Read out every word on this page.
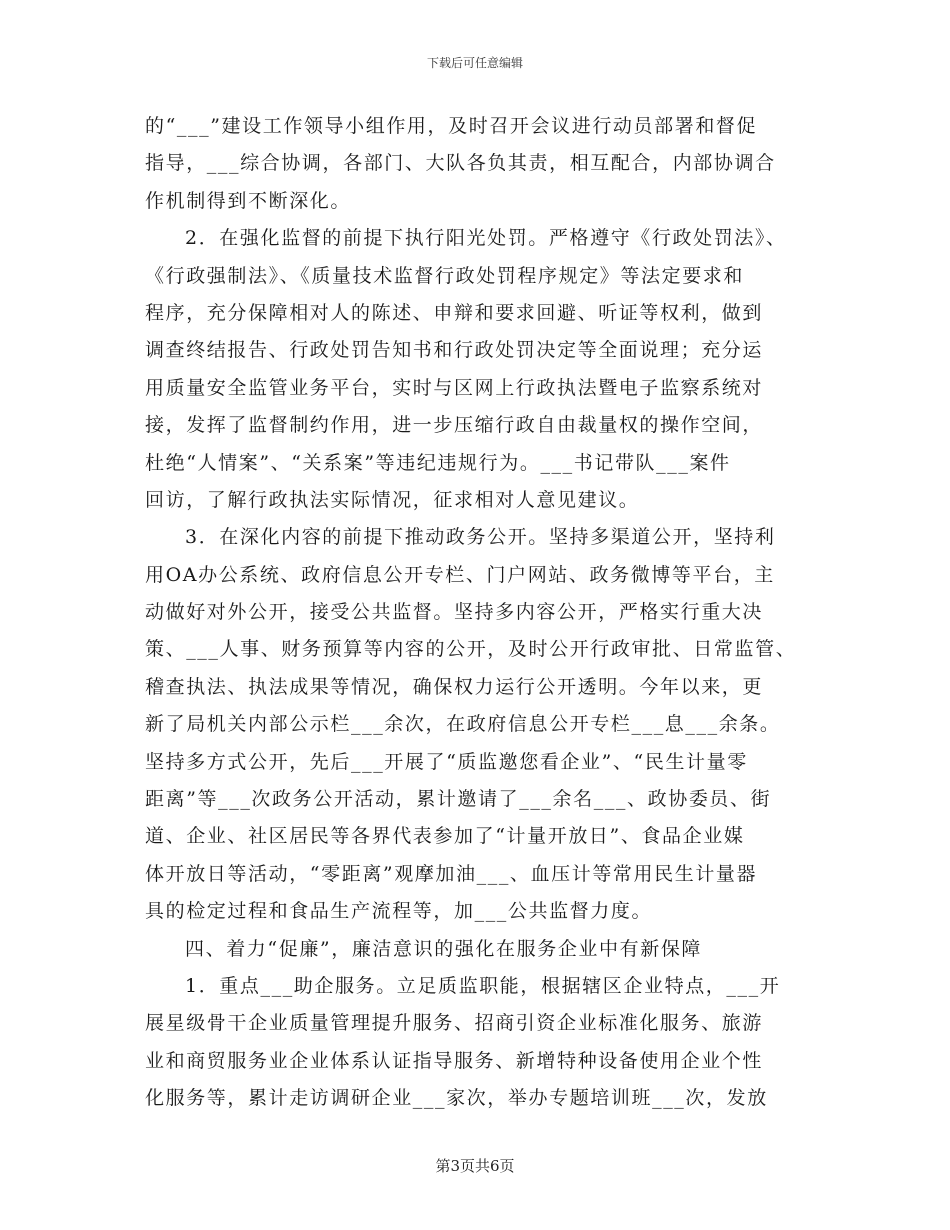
下载后可任意编辑
的“___”建设工作领导小组作用，及时召开会议进行动员部署和督促
指导，___综合协调，各部门、大队各负其责，相互配合，内部协调合
作机制得到不断深化。
2．在强化监督的前提下执行阳光处罚。严格遵守《行政处罚法》、
《行政强制法》、《质量技术监督行政处罚程序规定》等法定要求和
程序，充分保障相对人的陈述、申辩和要求回避、听证等权利，做到
调查终结报告、行政处罚告知书和行政处罚决定等全面说理；充分运
用质量安全监管业务平台，实时与区网上行政执法暨电子监察系统对
接，发挥了监督制约作用，进一步压缩行政自由裁量权的操作空间，
杜绝“人情案”、“关系案”等违纪违规行为。___书记带队___案件
回访，了解行政执法实际情况，征求相对人意见建议。
3．在深化内容的前提下推动政务公开。坚持多渠道公开，坚持利
用OA办公系统、政府信息公开专栏、门户网站、政务微博等平台，主
动做好对外公开，接受公共监督。坚持多内容公开，严格实行重大决
策、___人事、财务预算等内容的公开，及时公开行政审批、日常监管、
稽查执法、执法成果等情况，确保权力运行公开透明。今年以来，更
新了局机关内部公示栏___余次，在政府信息公开专栏___息___余条。
坚持多方式公开，先后___开展了“质监邀您看企业”、“民生计量零
距离”等___次政务公开活动，累计邀请了___余名___、政协委员、街
道、企业、社区居民等各界代表参加了“计量开放日”、食品企业媒
体开放日等活动，“零距离”观摩加油___、血压计等常用民生计量器
具的检定过程和食品生产流程等，加___公共监督力度。
四、着力“促廉”，廉洁意识的强化在服务企业中有新保障
1．重点___助企服务。立足质监职能，根据辖区企业特点，___开
展星级骨干企业质量管理提升服务、招商引资企业标准化服务、旅游
业和商贸服务业企业体系认证指导服务、新增特种设备使用企业个性
化服务等，累计走访调研企业___家次，举办专题培训班___次，发放
第3页共6页
